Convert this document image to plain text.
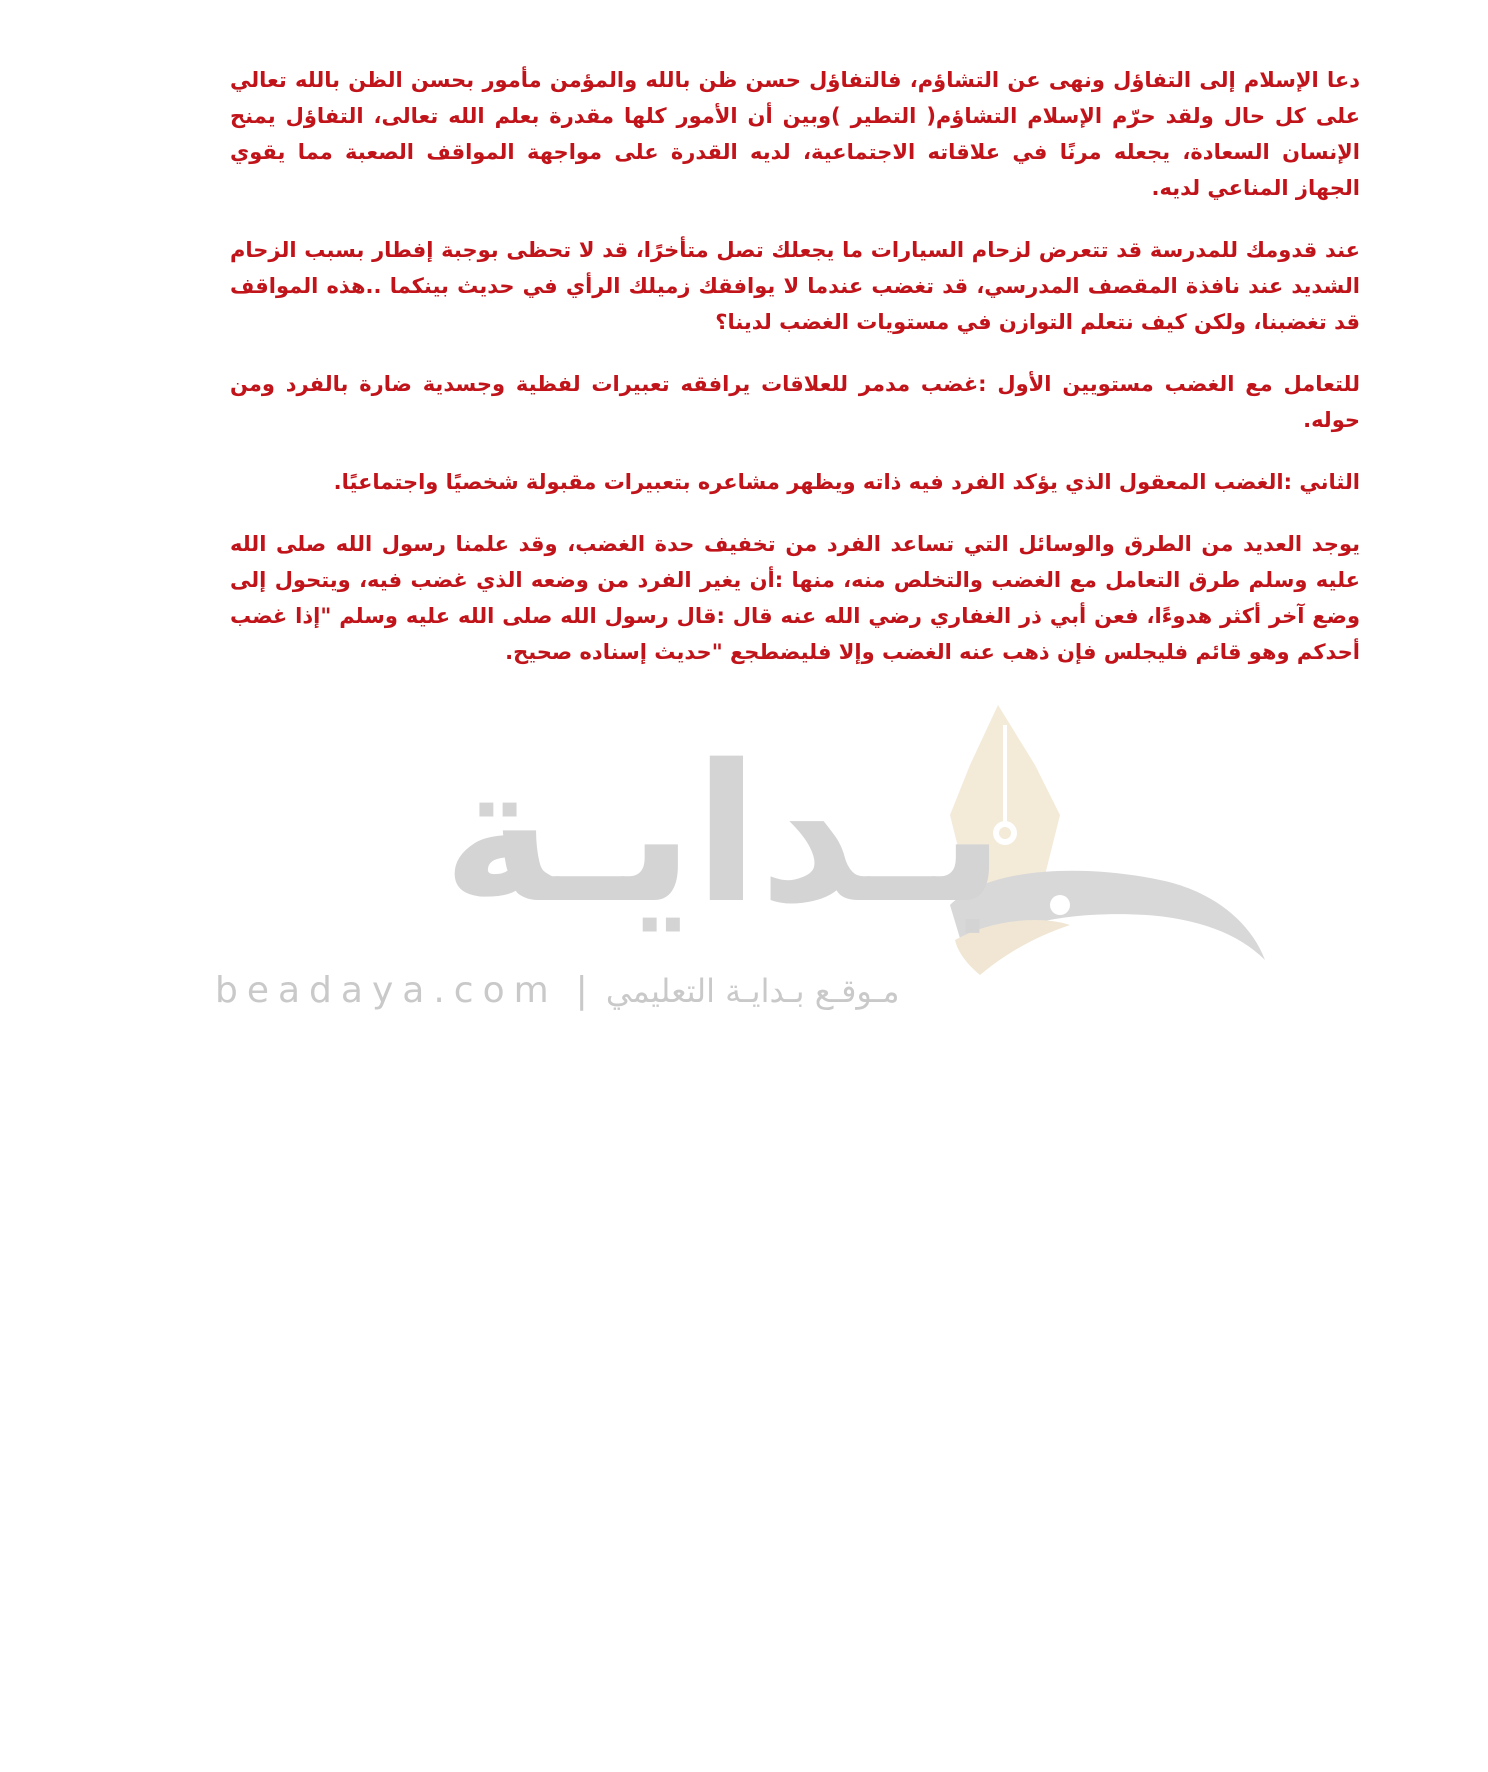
دعا الإسلام إلى التفاؤل ونهى عن التشاؤم، فالتفاؤل حسن ظن بالله والمؤمن مأمور بحسن الظن بالله تعالي على كل حال ولقد حرّم الإسلام التشاؤم( التطير )وبين أن الأمور كلها مقدرة بعلم الله تعالى، التفاؤل يمنح الإنسان السعادة، يجعله مرنًا في علاقاته الاجتماعية، لديه القدرة على مواجهة المواقف الصعبة مما يقوي الجهاز المناعي لديه.

عند قدومك للمدرسة قد تتعرض لزحام السيارات ما يجعلك تصل متأخرًا، قد لا تحظى بوجبة إفطار بسبب الزحام الشديد عند نافذة المقصف المدرسي، قد تغضب عندما لا يوافقك زميلك الرأي في حديث بينكما ..هذه المواقف قد تغضبنا، ولكن كيف نتعلم التوازن في مستويات الغضب لدينا؟

للتعامل مع الغضب مستويين الأول :غضب مدمر للعلاقات يرافقه تعبيرات لفظية وجسدية ضارة بالفرد ومن حوله.

الثاني :الغضب المعقول الذي يؤكد الفرد فيه ذاته ويظهر مشاعره بتعبيرات مقبولة شخصيًا واجتماعيًا.

يوجد العديد من الطرق والوسائل التي تساعد الفرد من تخفيف حدة الغضب، وقد علمنا رسول الله صلى الله عليه وسلم طرق التعامل مع الغضب والتخلص منه، منها :أن يغير الفرد من وضعه الذي غضب فيه، ويتحول إلى وضع آخر أكثر هدوءًا، فعن أبي ذر الغفاري رضي الله عنه قال :قال رسول الله صلى الله عليه وسلم "إذا غضب أحدكم وهو قائم فليجلس فإن ذهب عنه الغضب وإلا فليضطجع "حديث إسناده صحيح.

بـدايـة
beadaya.com | مـوقـع بـدايـة التعليمي
